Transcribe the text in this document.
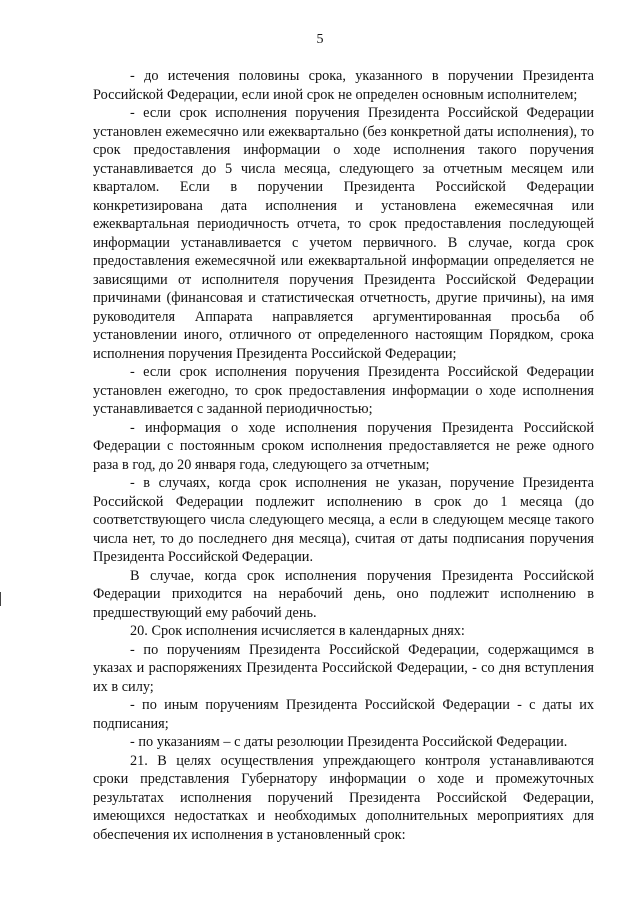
5

- до истечения половины срока, указанного в поручении Президента Российской Федерации, если иной срок не определен основным исполнителем;

- если срок исполнения поручения Президента Российской Федерации установлен ежемесячно или ежеквартально (без конкретной даты исполнения), то срок предоставления информации о ходе исполнения такого поручения устанавливается до 5 числа месяца, следующего за отчетным месяцем или кварталом. Если в поручении Президента Российской Федерации конкретизирована дата исполнения и установлена ежемесячная или ежеквартальная периодичность отчета, то срок предоставления последующей информации устанавливается с учетом первичного. В случае, когда срок предоставления ежемесячной или ежеквартальной информации определяется не зависящими от исполнителя поручения Президента Российской Федерации причинами (финансовая и статистическая отчетность, другие причины), на имя руководителя Аппарата направляется аргументированная просьба об установлении иного, отличного от определенного настоящим Порядком, срока исполнения поручения Президента Российской Федерации;

- если срок исполнения поручения Президента Российской Федерации установлен ежегодно, то срок предоставления информации о ходе исполнения устанавливается с заданной периодичностью;

- информация о ходе исполнения поручения Президента Российской Федерации с постоянным сроком исполнения предоставляется не реже одного раза в год, до 20 января года, следующего за отчетным;

- в случаях, когда срок исполнения не указан, поручение Президента Российской Федерации подлежит исполнению в срок до 1 месяца (до соответствующего числа следующего месяца, а если в следующем месяце такого числа нет, то до последнего дня месяца), считая от даты подписания поручения Президента Российской Федерации.

В случае, когда срок исполнения поручения Президента Российской Федерации приходится на нерабочий день, оно подлежит исполнению в предшествующий ему рабочий день.

20. Срок исполнения исчисляется в календарных днях:

- по поручениям Президента Российской Федерации, содержащимся в указах и распоряжениях Президента Российской Федерации, - со дня вступления их в силу;

- по иным поручениям Президента Российской Федерации - с даты их подписания;

- по указаниям – с даты резолюции Президента Российской Федерации.

21. В целях осуществления упреждающего контроля устанавливаются сроки представления Губернатору информации о ходе и промежуточных результатах исполнения поручений Президента Российской Федерации, имеющихся недостатках и необходимых дополнительных мероприятиях для обеспечения их исполнения в установленный срок:
